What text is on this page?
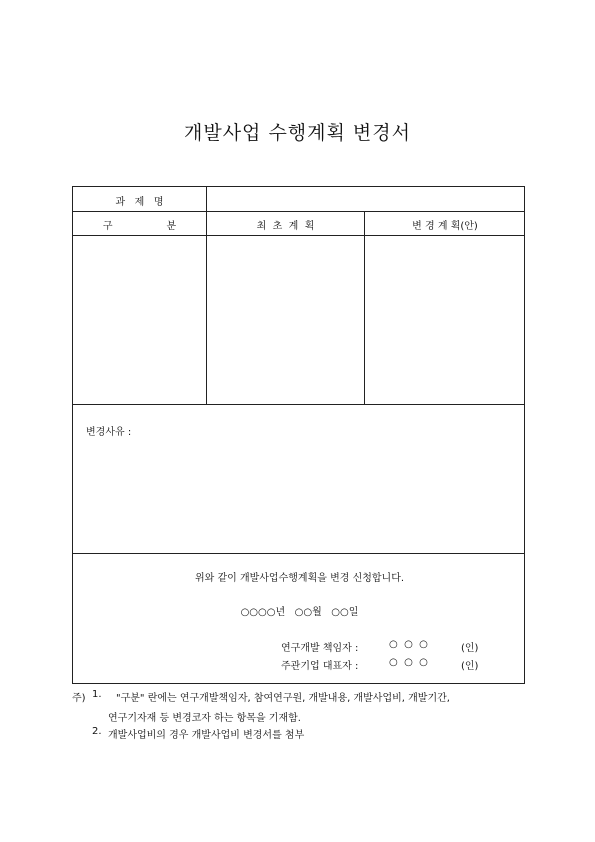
개발사업 수행계획 변경서
과   제   명
구                 분	최  초  계  획	변 경 계 획(안)
변경사유 :
위와 같이 개발사업수행계획을 변경 신청합니다.
○○○○년   ○○월   ○○일
연구개발 책임자 :	○  ○  ○	(인)
주관기업 대표자 :	○  ○  ○	(인)
주) 1. "구분" 란에는 연구개발책임자, 참여연구원, 개발내용, 개발사업비, 개발기간,
연구기자재 등 변경코자 하는 항목을 기재함.
2. 개발사업비의 경우 개발사업비 변경서를 첨부
